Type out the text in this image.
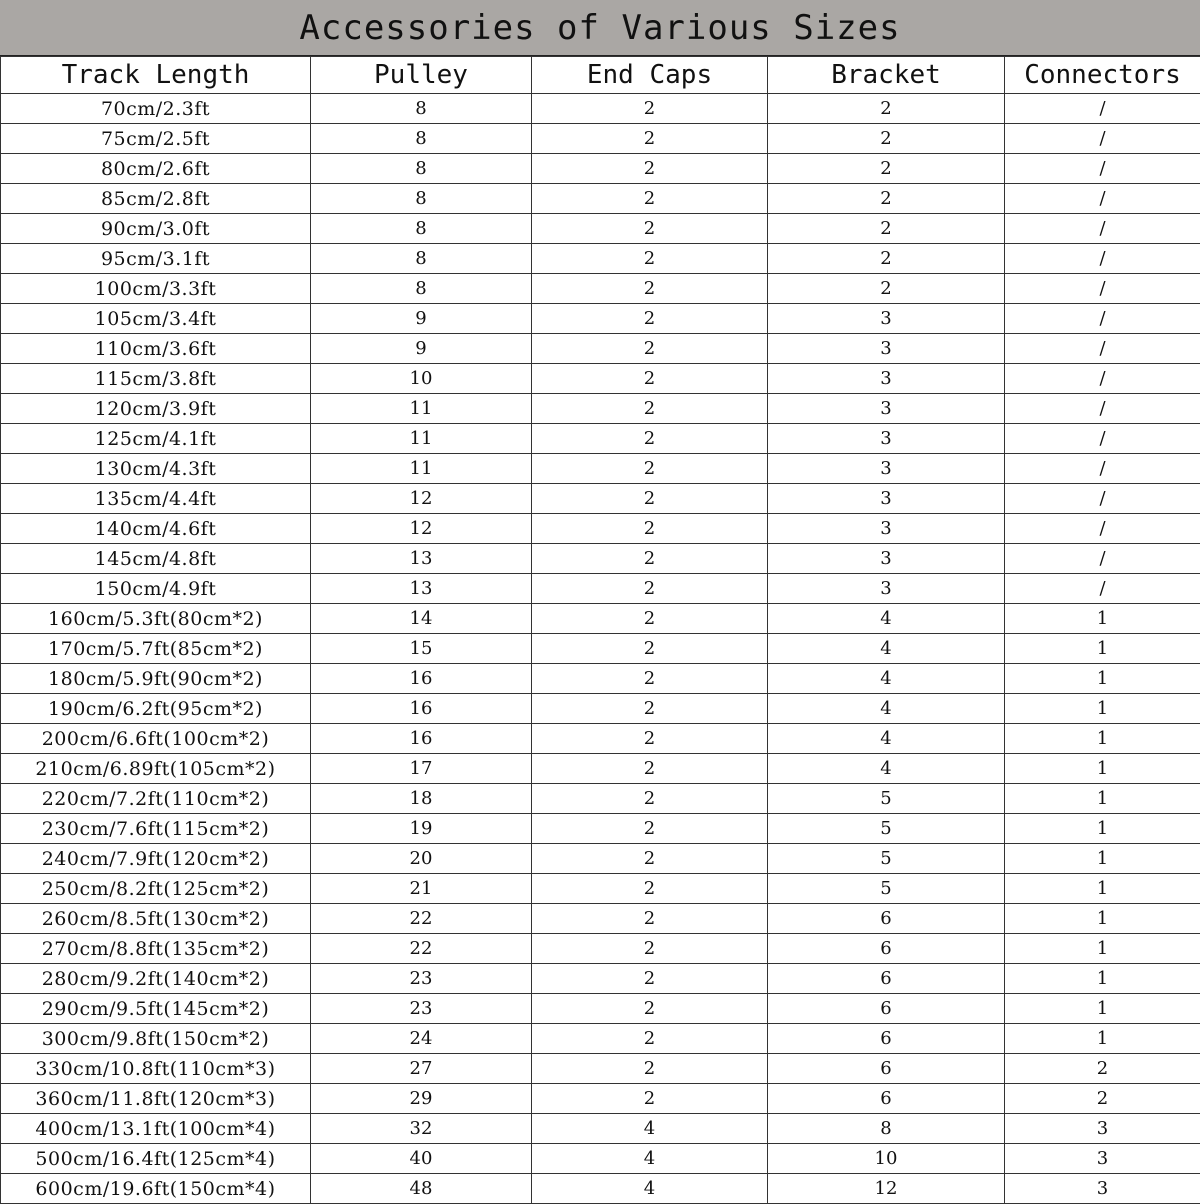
Accessories of Various Sizes
Track Length	Pulley	End Caps	Bracket	Connectors
70cm/2.3ft	8	2	2	/
75cm/2.5ft	8	2	2	/
80cm/2.6ft	8	2	2	/
85cm/2.8ft	8	2	2	/
90cm/3.0ft	8	2	2	/
95cm/3.1ft	8	2	2	/
100cm/3.3ft	8	2	2	/
105cm/3.4ft	9	2	3	/
110cm/3.6ft	9	2	3	/
115cm/3.8ft	10	2	3	/
120cm/3.9ft	11	2	3	/
125cm/4.1ft	11	2	3	/
130cm/4.3ft	11	2	3	/
135cm/4.4ft	12	2	3	/
140cm/4.6ft	12	2	3	/
145cm/4.8ft	13	2	3	/
150cm/4.9ft	13	2	3	/
160cm/5.3ft(80cm*2)	14	2	4	1
170cm/5.7ft(85cm*2)	15	2	4	1
180cm/5.9ft(90cm*2)	16	2	4	1
190cm/6.2ft(95cm*2)	16	2	4	1
200cm/6.6ft(100cm*2)	16	2	4	1
210cm/6.89ft(105cm*2)	17	2	4	1
220cm/7.2ft(110cm*2)	18	2	5	1
230cm/7.6ft(115cm*2)	19	2	5	1
240cm/7.9ft(120cm*2)	20	2	5	1
250cm/8.2ft(125cm*2)	21	2	5	1
260cm/8.5ft(130cm*2)	22	2	6	1
270cm/8.8ft(135cm*2)	22	2	6	1
280cm/9.2ft(140cm*2)	23	2	6	1
290cm/9.5ft(145cm*2)	23	2	6	1
300cm/9.8ft(150cm*2)	24	2	6	1
330cm/10.8ft(110cm*3)	27	2	6	2
360cm/11.8ft(120cm*3)	29	2	6	2
400cm/13.1ft(100cm*4)	32	4	8	3
500cm/16.4ft(125cm*4)	40	4	10	3
600cm/19.6ft(150cm*4)	48	4	12	3
